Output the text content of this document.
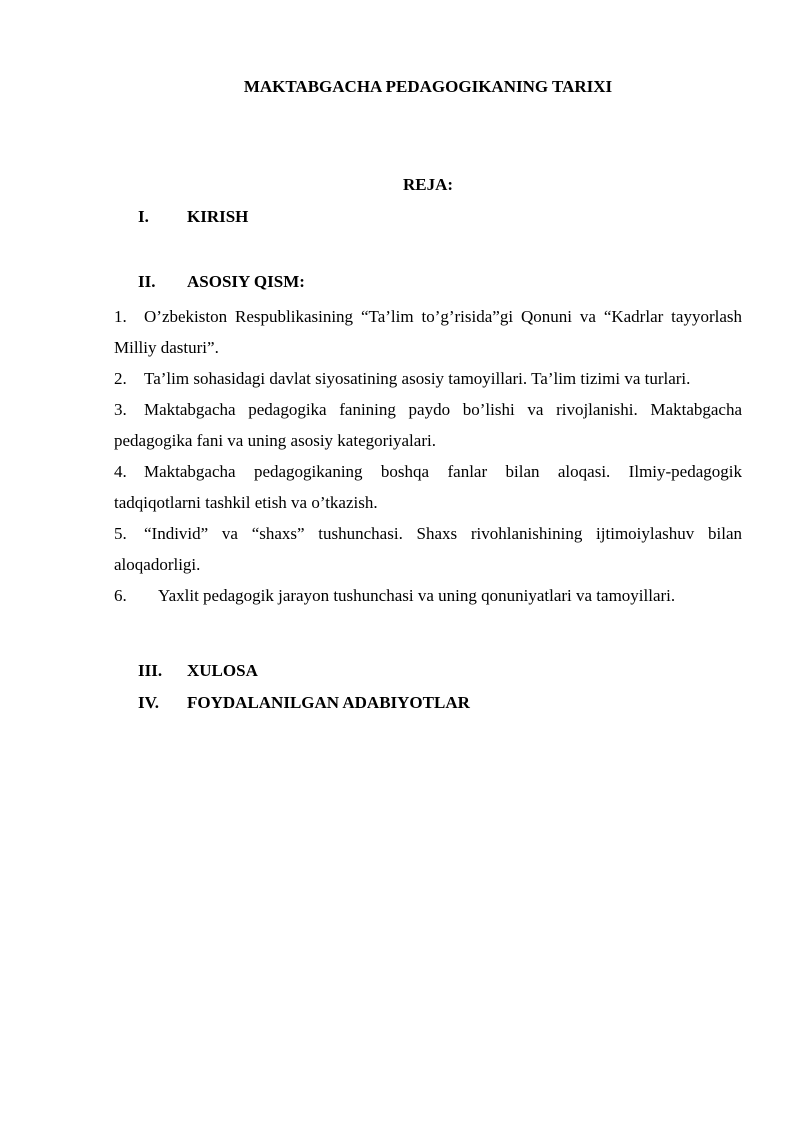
MAKTABGACHA PEDAGOGIKANING TARIXI
REJA:
I. KIRISH
II. ASOSIY QISM:

1. O’zbekiston Respublikasining “Ta’lim to’g’risida”gi Qonuni va “Kadrlar tayyorlash Milliy dasturi”.

2. Ta’lim sohasidagi davlat siyosatining asosiy tamoyillari. Ta’lim tizimi va turlari.

3. Maktabgacha pedagogika fanining paydo bo’lishi va rivojlanishi. Maktabgacha pedagogika fani va uning asosiy kategoriyalari.

4. Maktabgacha pedagogikaning boshqa fanlar bilan aloqasi. Ilmiy-pedagogik tadqiqotlarni tashkil etish va o’tkazish.

5. “Individ” va “shaxs” tushunchasi. Shaxs rivohlanishining ijtimoiylashuv bilan aloqadorligi.

6. Yaxlit pedagogik jarayon tushunchasi va uning qonuniyatlari va tamoyillari.

III. XULOSA
IV. FOYDALANILGAN ADABIYOTLAR
